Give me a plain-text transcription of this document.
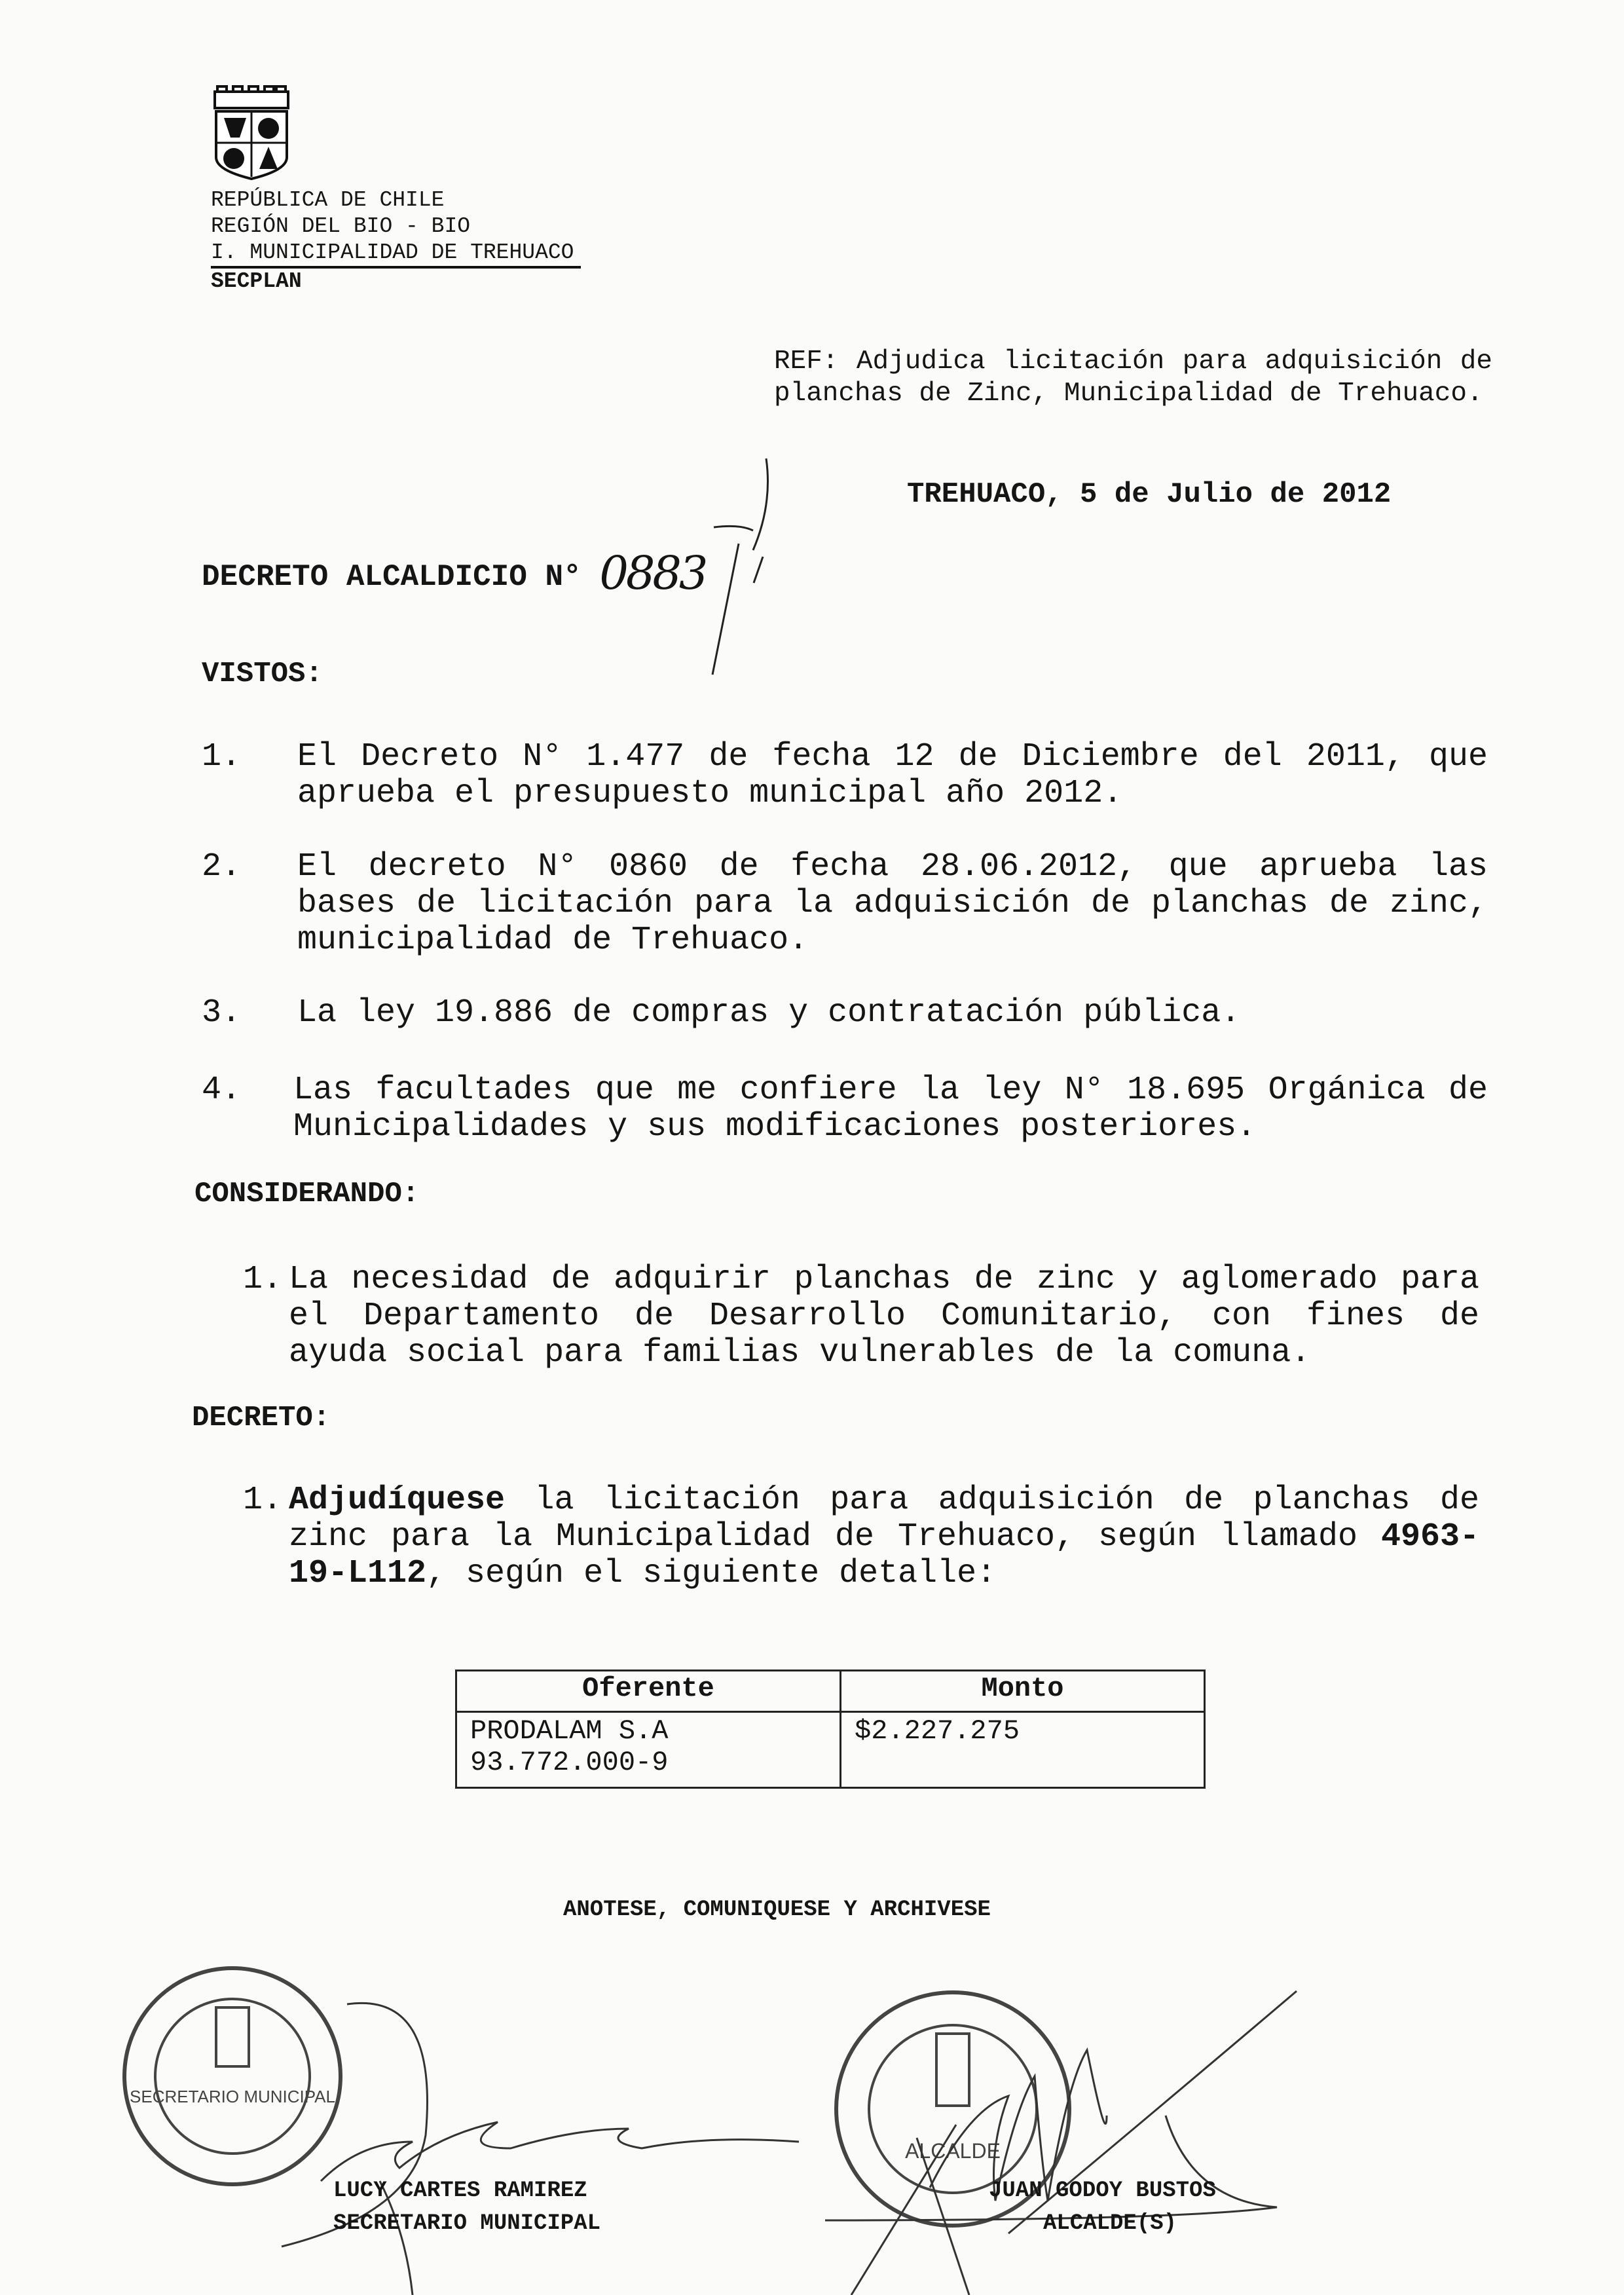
REPÚBLICA DE CHILE
REGIÓN DEL BIO - BIO
I. MUNICIPALIDAD DE TREHUACO
SECPLAN
REF: Adjudica licitación para adquisición de planchas de Zinc, Municipalidad de Trehuaco.
TREHUACO, 5 de Julio de 2012
DECRETO ALCALDICIO N° 0883
VISTOS:
1. El Decreto N° 1.477 de fecha 12 de Diciembre del 2011, que aprueba el presupuesto municipal año 2012.
2. El decreto N° 0860 de fecha 28.06.2012, que aprueba las bases de licitación para la adquisición de planchas de zinc, municipalidad de Trehuaco.
3. La ley 19.886 de compras y contratación pública.
4. Las facultades que me confiere la ley N° 18.695 Orgánica de Municipalidades y sus modificaciones posteriores.
CONSIDERANDO:
1. La necesidad de adquirir planchas de zinc y aglomerado para el Departamento de Desarrollo Comunitario, con fines de ayuda social para familias vulnerables de la comuna.
DECRETO:
1. Adjudíquese la licitación para adquisición de planchas de zinc para la Municipalidad de Trehuaco, según llamado 4963-19-L112, según el siguiente detalle:
Oferente	Monto

PRODALAM S.A
93.772.000-9	$2.227.275
ANOTESE, COMUNIQUESE Y ARCHIVESE
SECRETARIO MUNICIPAL
ALCALDE
LUCY CARTES RAMIREZ
SECRETARIO MUNICIPAL
JUAN GODOY BUSTOS
ALCALDE(S)
